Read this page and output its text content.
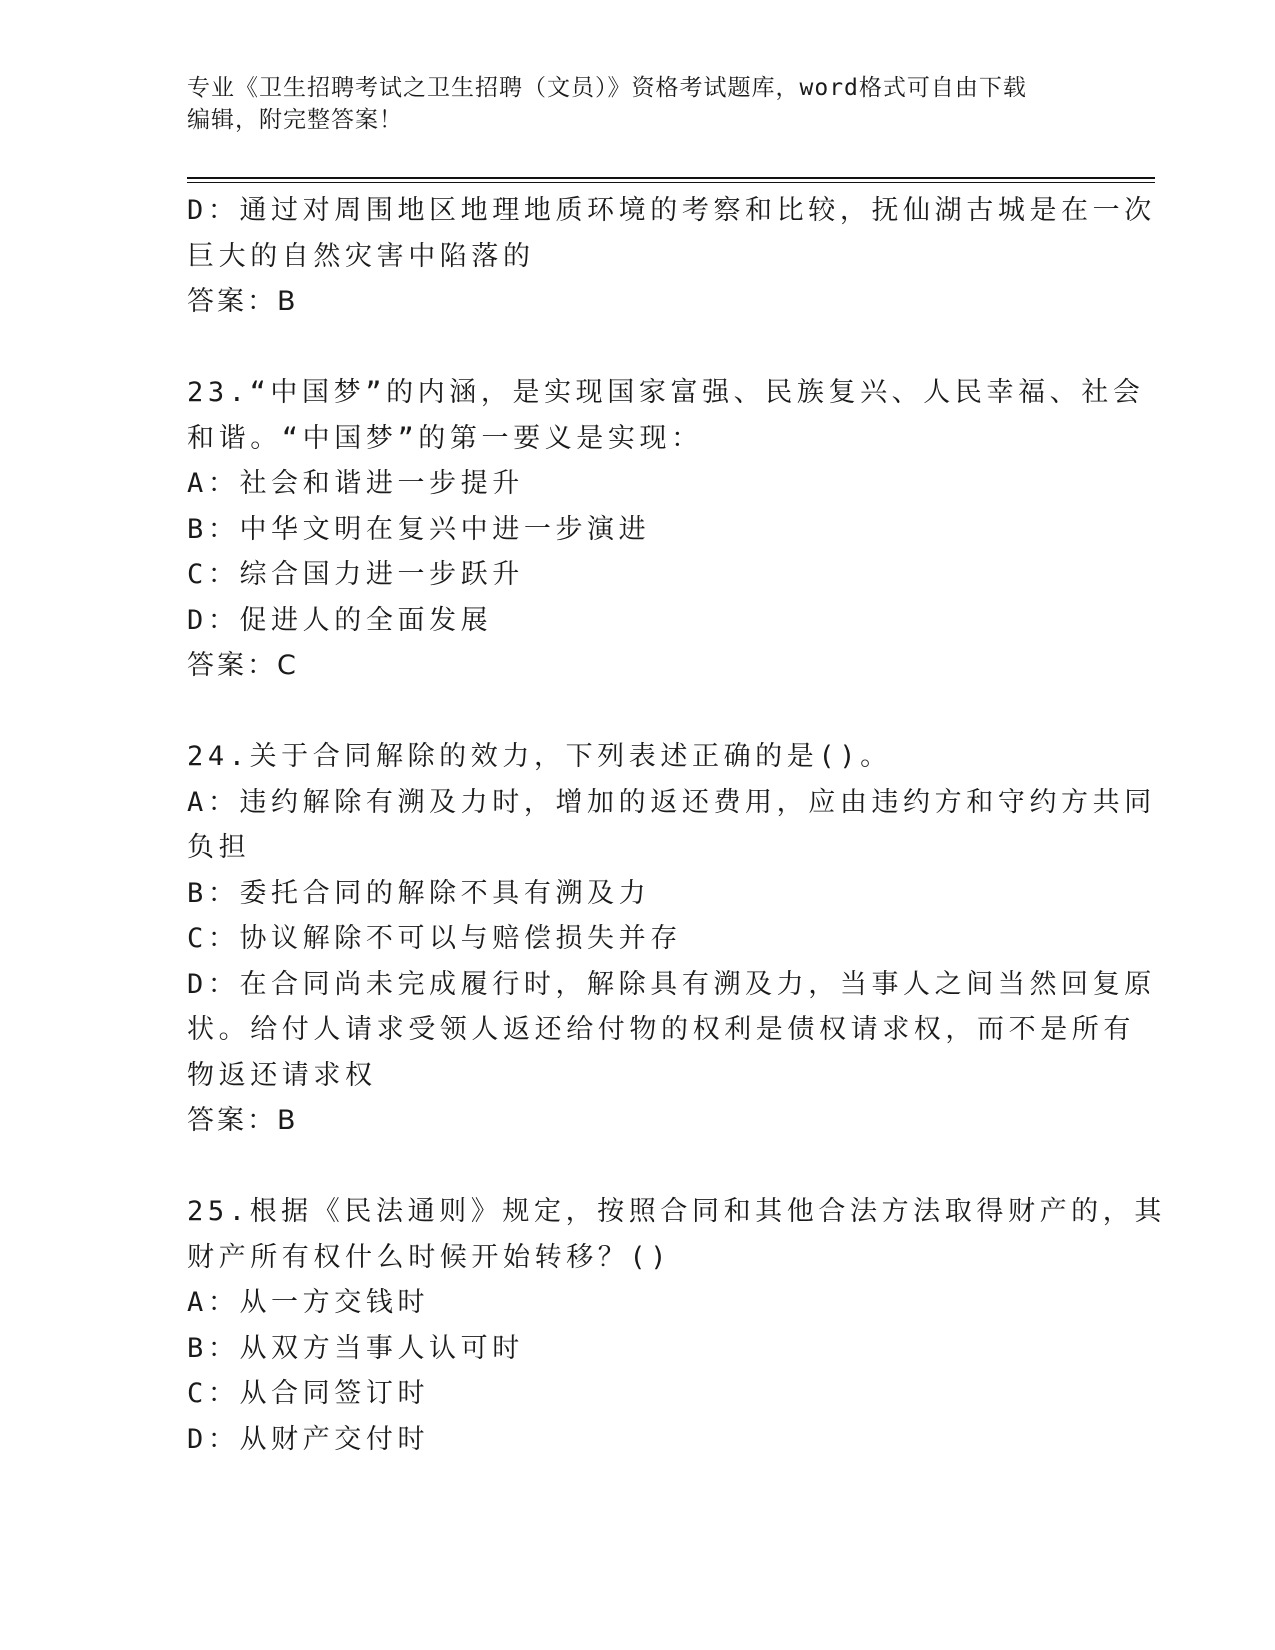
专业《卫生招聘考试之卫生招聘（文员）》资格考试题库，word格式可自由下载
编辑，附完整答案！
D：通过对周围地区地理地质环境的考察和比较，抚仙湖古城是在一次
巨大的自然灾害中陷落的
答案：B
23.“中国梦”的内涵，是实现国家富强、民族复兴、人民幸福、社会
和谐。“中国梦”的第一要义是实现：
A：社会和谐进一步提升
B：中华文明在复兴中进一步演进
C：综合国力进一步跃升
D：促进人的全面发展
答案：C
24.关于合同解除的效力，下列表述正确的是()。
A：违约解除有溯及力时，增加的返还费用，应由违约方和守约方共同
负担
B：委托合同的解除不具有溯及力
C：协议解除不可以与赔偿损失并存
D：在合同尚未完成履行时，解除具有溯及力，当事人之间当然回复原
状。给付人请求受领人返还给付物的权利是债权请求权，而不是所有
物返还请求权
答案：B
25.根据《民法通则》规定，按照合同和其他合法方法取得财产的，其
财产所有权什么时候开始转移？()
A：从一方交钱时
B：从双方当事人认可时
C：从合同签订时
D：从财产交付时
